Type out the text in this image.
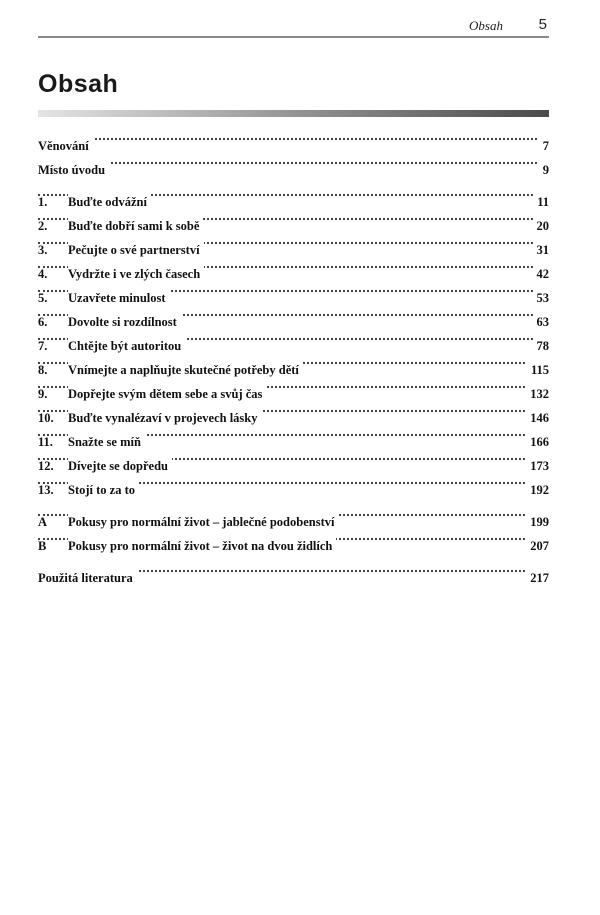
Obsah 5
Obsah
Věnování	7
Místo úvodu	9
1. Buďte odvážní	11
2. Buďte dobří sami k sobě	20
3. Pečujte o své partnerství	31
4. Vydržte i ve zlých časech	42
5. Uzavřete minulost	53
6. Dovolte si rozdílnost	63
7. Chtějte být autoritou	78
8. Vnímejte a naplňujte skutečné potřeby dětí	115
9. Dopřejte svým dětem sebe a svůj čas	132
10. Buďte vynalézaví v projevech lásky	146
11. Snažte se míň	166
12. Dívejte se dopředu	173
13. Stojí to za to	192
A Pokusy pro normální život – jablečné podobenství	199
B Pokusy pro normální život – život na dvou židlích	207
Použitá literatura	217
